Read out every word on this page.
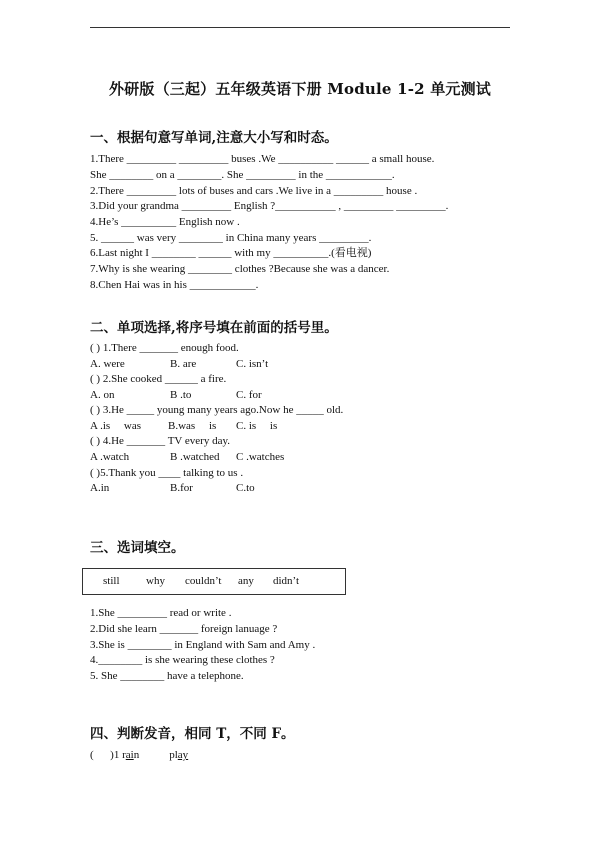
外研版（三起）五年级英语下册 Module 1-2 单元测试
一、根据句意写单词,注意大小写和时态。
1.There _________ _________ buses .We __________ ______ a small house.
She ________ on a ________. She _________ in the ____________.
2.There _________ lots of buses and cars .We live in a _________ house .
3.Did your grandma _________ English ?___________ , _________ _________.
4.He’s __________ English now .
5. ______ was very ________ in China many years _________.
6.Last night I ________ ______ with my __________.(看电视)
7.Why is she wearing ________ clothes ?Because she was a dancer.
8.Chen Hai was in his ____________.
二、单项选择,将序号填在前面的括号里。
( ) 1.There _______ enough food.
A. were	B. are	C. isn’t
( ) 2.She cooked ______ a fire.
A. on	B .to	C. for
( ) 3.He _____ young many years ago.Now he _____ old.
A .is     was B.was     is C. is     is
( ) 4.He _______ TV every day.
A .watch	B .watched C .watches
( )5.Thank you ____ talking to us .
A.in	B.for	C.to
三、选词填空。
still why couldn’t any didn’t
1.She _________ read or write .
2.Did she learn _______ foreign lanuage ?
3.She is ________ in England with Sam and Amy .
4.________ is she wearing these clothes ?
5. She ________ have a telephone.
四、判断发音，相同 T，不同 F。
(      )1 rain	play
